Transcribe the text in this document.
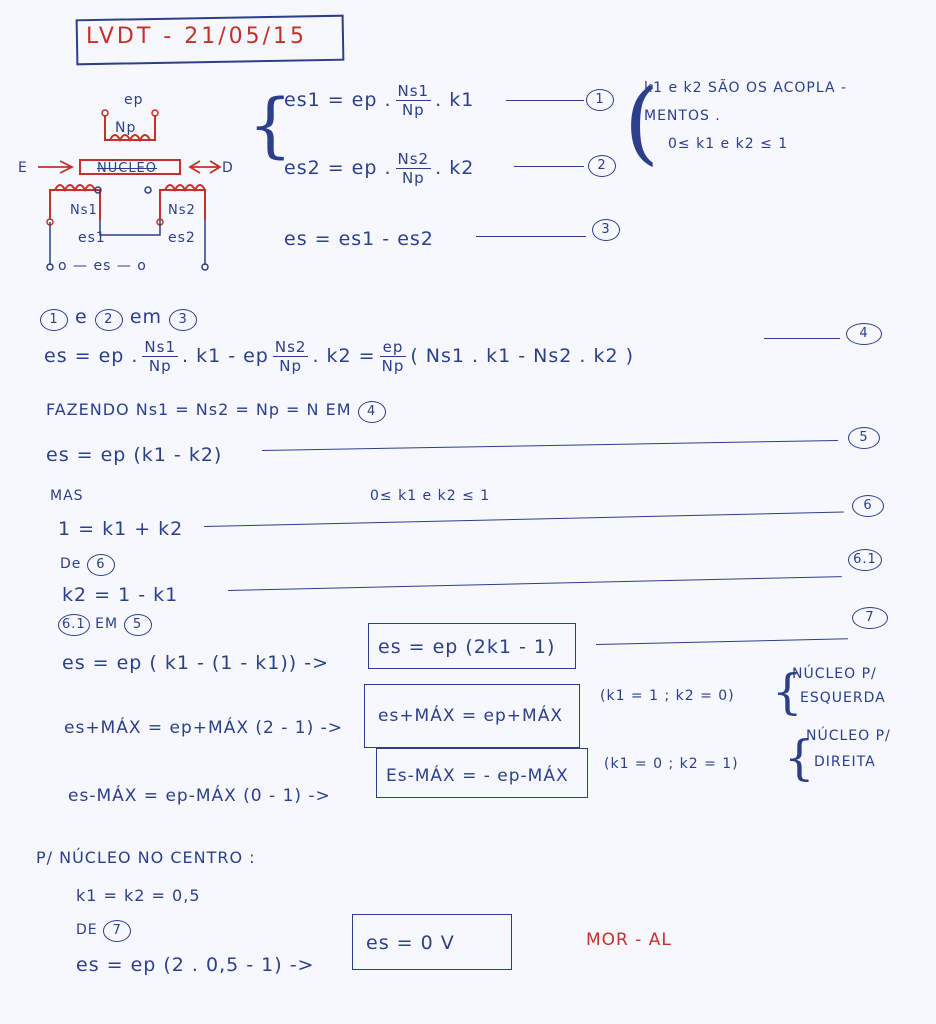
LVDT - 21/05/15
ep
Np
E	NÚCLEO	D
Ns1	Ns2
es1	es2
o — es — o
{
es1 = ep . $\frac{Ns1}{Np}$ . k1	1
es2 = ep . $\frac{Ns2}{Np}$ . k2	2
es = es1 - es2	3
(
k1 e k2 SÃO OS ACOPLA -
MENTOS .
0≤ k1 e k2 ≤ 1
1 e 2 em 3
es = ep . $\frac{Ns1}{Np}$ . k1 - ep $\frac{Ns2}{Np}$ . $k2 = \frac{ep}{Np}$ ( Ns1 . k1 - Ns2 . k2 )
4
FAZENDO Ns1 = Ns2 = Np = N EM 4
es = ep (k1 - k2)
5
MAS	0≤ k1 e k2 ≤ 1
1 = k1 + k2
6
De 6
k2 = 1 - k1
6.1
6.1 EM 5
es = ep ( k1 - (1 - k1)) ->
es = ep (2k1 - 1)
7
es+MÁX = ep+MÁX (2 - 1) ->
es+MÁX = ep+MÁX
(k1 = 1 ; k2 = 0) {
NÚCLEO P/
ESQUERDA
es-MÁX = ep-MÁX (0 - 1) ->
Es-MÁX = - ep-MÁX
(k1 = 0 ; k2 = 1) {
NÚCLEO P/
DIREITA
P/ NÚCLEO NO CENTRO :
k1 = k2 = 0,5
DE 7
es = ep (2 . 0,5 - 1) ->
es = 0 V	MOR - AL
